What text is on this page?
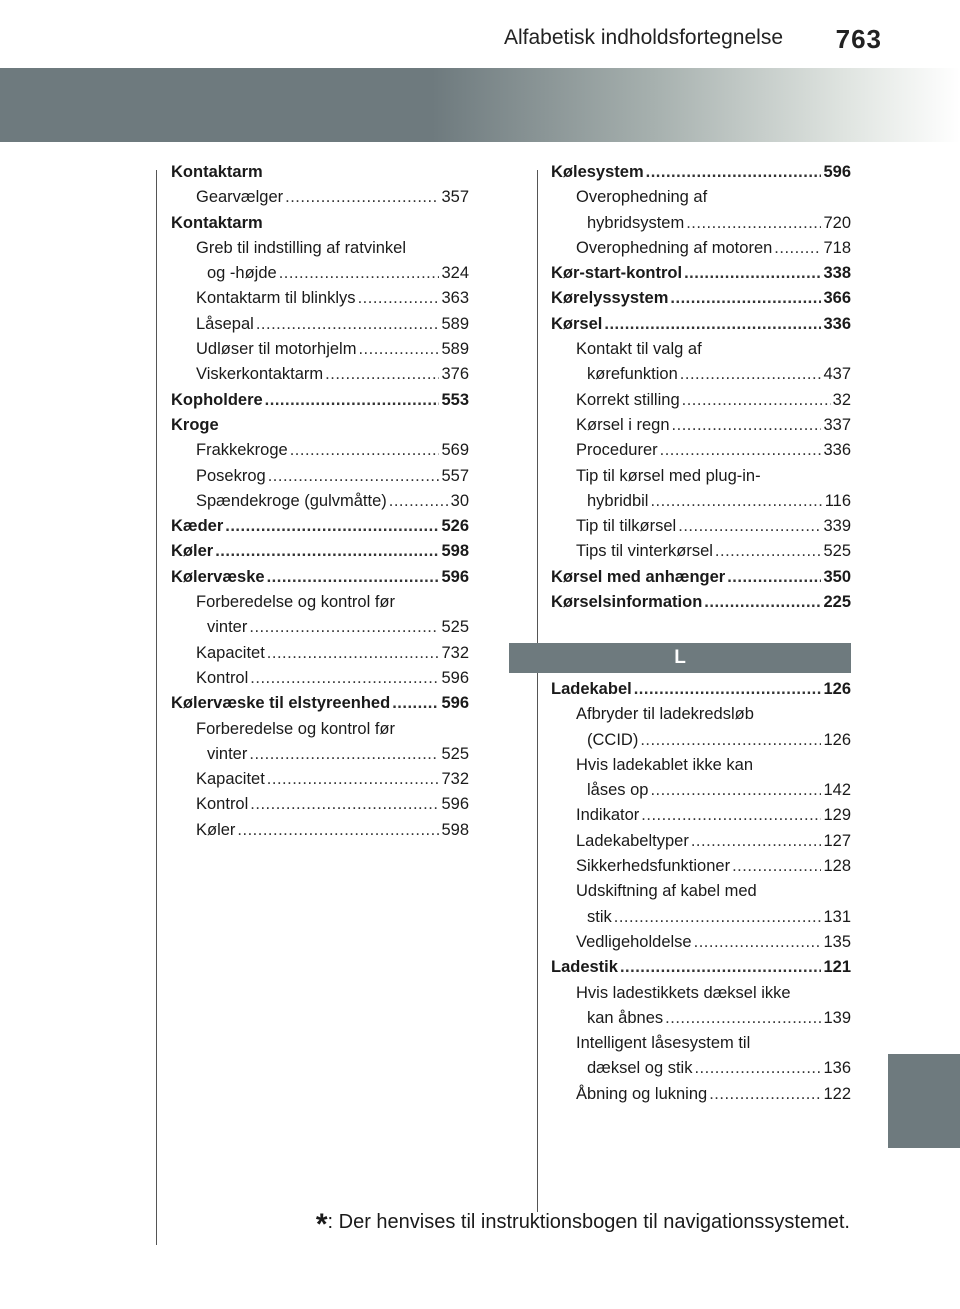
Alfabetisk indholdsfortegnelse 763
Kontaktarm
Gearvælger .....	357
Kontaktarm
Greb til indstilling af ratvinkel
og -højde .....	324
Kontaktarm til blinklys .....	363
Låsepal .....	589
Udløser til motorhjelm .....	589
Viskerkontaktarm .....	376
Kopholdere .....	553
Kroge
Frakkekroge .....	569
Posekrog .....	557
Spændekroge (gulvmåtte) .....	30
Kæder .....	526
Køler .....	598
Kølervæske .....	596
Forberedelse og kontrol før
vinter .....	525
Kapacitet .....	732
Kontrol .....	596
Kølervæske til elstyreenhed .....	596
Forberedelse og kontrol før
vinter .....	525
Kapacitet .....	732
Kontrol .....	596
Køler .....	598
Kølesystem .....	596
Overophedning af
hybridsystem .....	720
Overophedning af motoren .....	718
Kør-start-kontrol .....	338
Kørelyssystem .....	366
Kørsel .....	336
Kontakt til valg af
kørefunktion .....	437
Korrekt stilling .....	32
Kørsel i regn .....	337
Procedurer .....	336
Tip til kørsel med plug-in-
hybridbil .....	116
Tip til tilkørsel .....	339
Tips til vinterkørsel .....	525
Kørsel med anhænger .....	350
Kørselsinformation .....	225
L
Ladekabel .....	126
Afbryder til ladekredsløb
(CCID) .....	126
Hvis ladekablet ikke kan
låses op .....	142
Indikator .....	129
Ladekabeltyper .....	127
Sikkerhedsfunktioner .....	128
Udskiftning af kabel med
stik .....	131
Vedligeholdelse .....	135
Ladestik .....	121
Hvis ladestikkets dæksel ikke
kan åbnes .....	139
Intelligent låsesystem til
dæksel og stik .....	136
Åbning og lukning .....	122
*: Der henvises til instruktionsbogen til navigationssystemet.
